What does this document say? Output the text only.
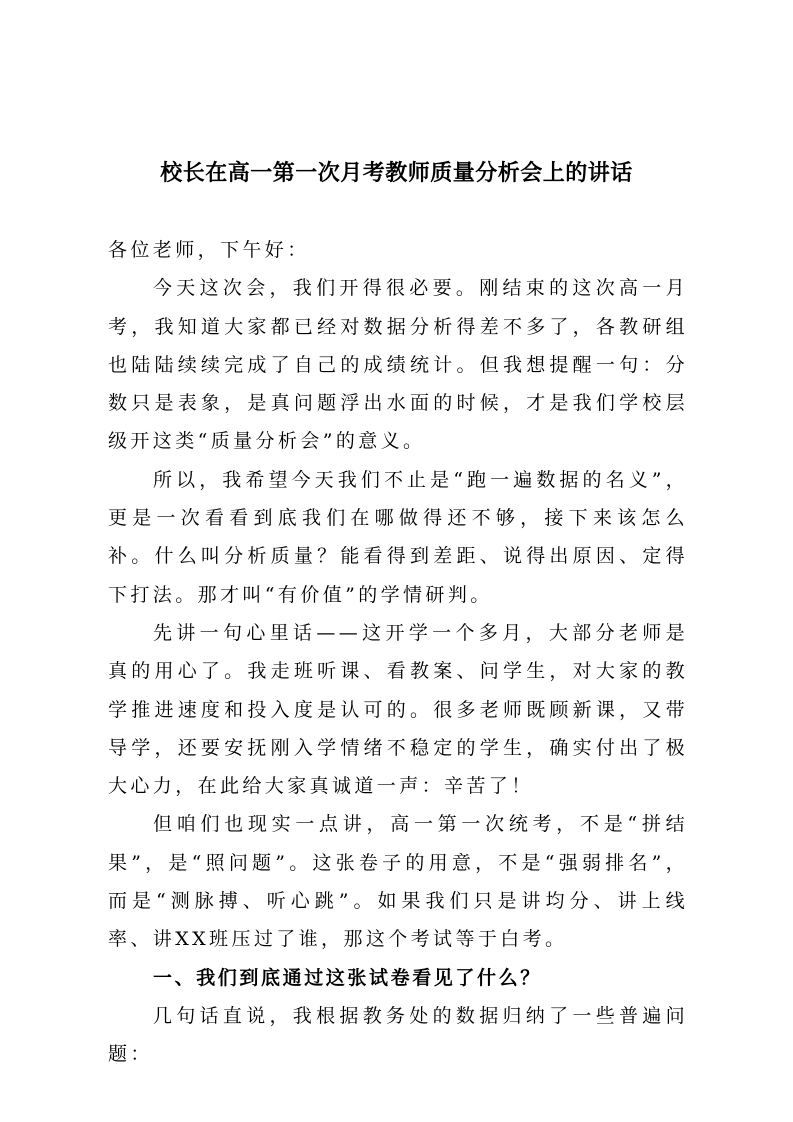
校长在高一第一次月考教师质量分析会上的讲话

各位老师，下午好：

今天这次会，我们开得很必要。刚结束的这次高一月考，我知道大家都已经对数据分析得差不多了，各教研组也陆陆续续完成了自己的成绩统计。但我想提醒一句：分数只是表象，是真问题浮出水面的时候，才是我们学校层级开这类“质量分析会”的意义。

所以，我希望今天我们不止是“跑一遍数据的名义”，更是一次看看到底我们在哪做得还不够，接下来该怎么补。什么叫分析质量？能看得到差距、说得出原因、定得下打法。那才叫“有价值”的学情研判。

先讲一句心里话——这开学一个多月，大部分老师是真的用心了。我走班听课、看教案、问学生，对大家的教学推进速度和投入度是认可的。很多老师既顾新课，又带导学，还要安抚刚入学情绪不稳定的学生，确实付出了极大心力，在此给大家真诚道一声：辛苦了！

但咱们也现实一点讲，高一第一次统考，不是“拼结果”，是“照问题”。这张卷子的用意，不是“强弱排名”，而是“测脉搏、听心跳”。如果我们只是讲均分、讲上线率、讲XX班压过了谁，那这个考试等于白考。

一、我们到底通过这张试卷看见了什么？

几句话直说，我根据教务处的数据归纳了一些普遍问题：
